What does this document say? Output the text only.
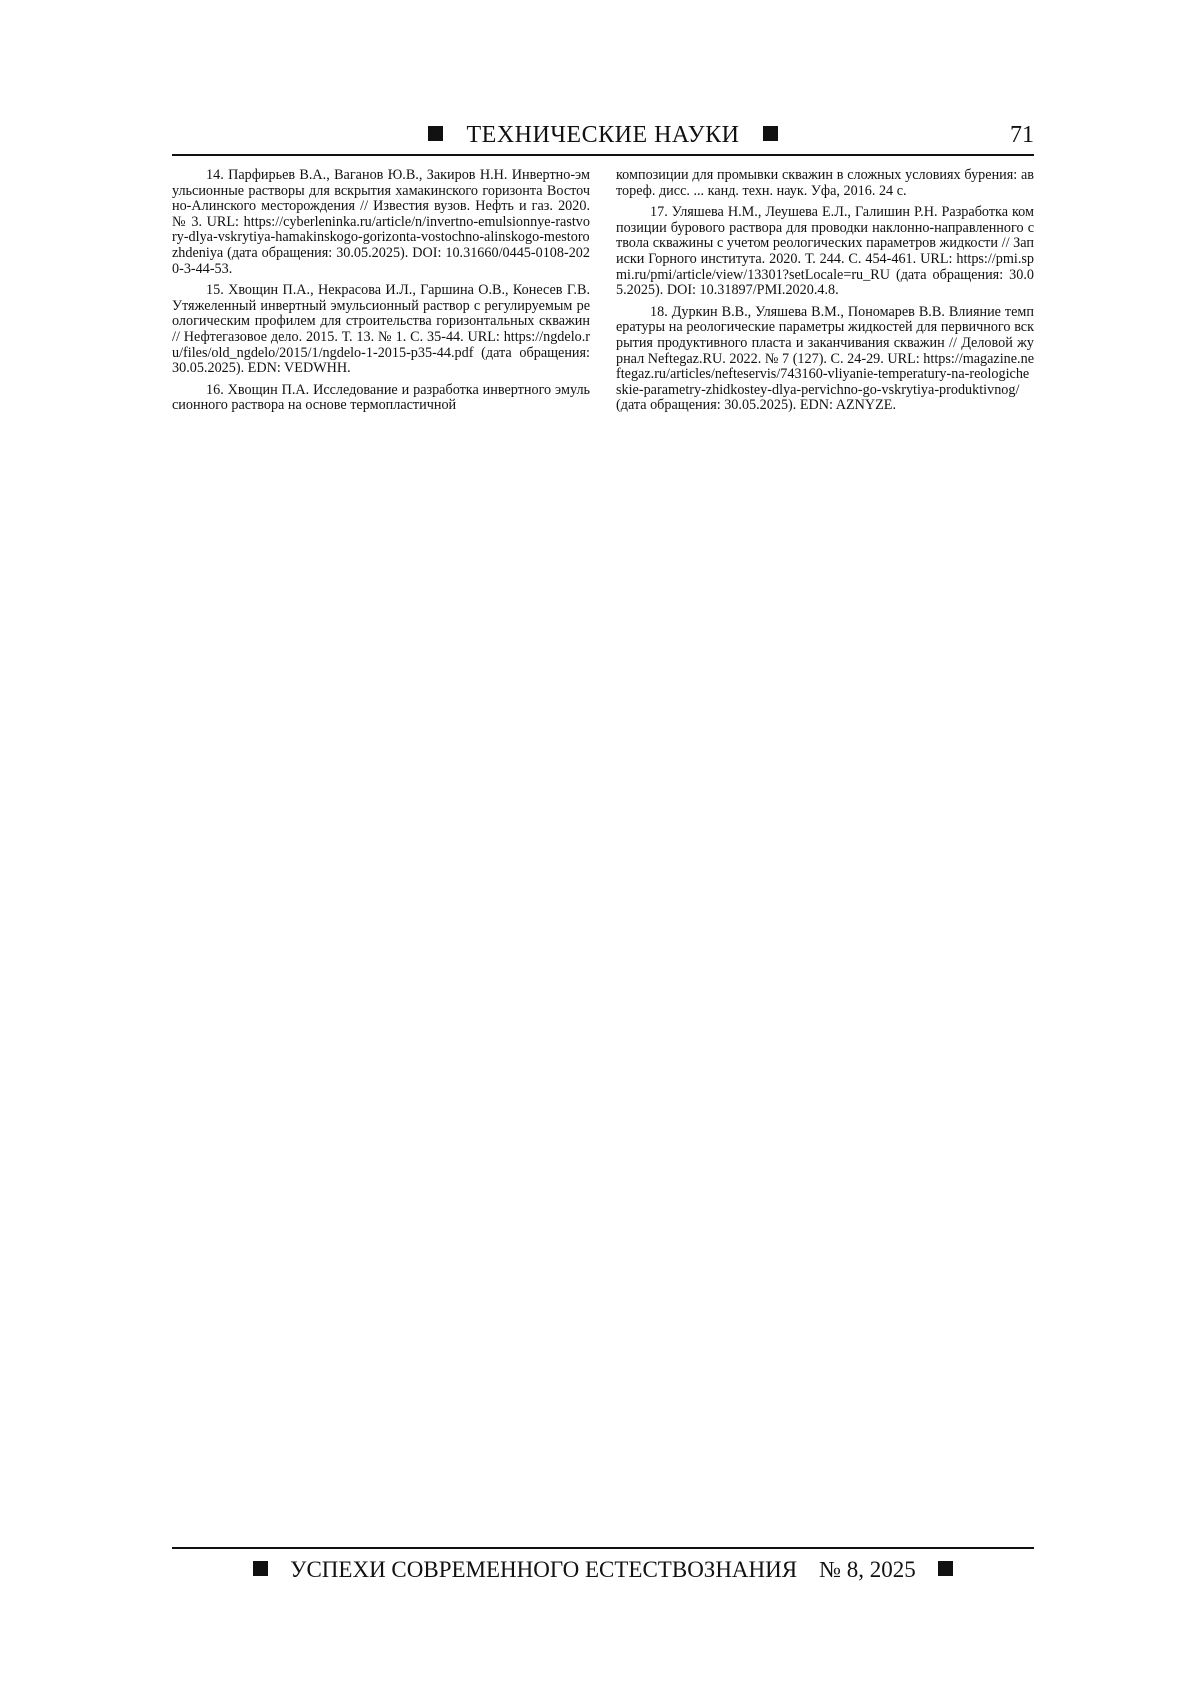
ТЕХНИЧЕСКИЕ НАУКИ	71

14. Парфирьев В.А., Ваганов Ю.В., Закиров Н.Н. Инвертно-эмульсионные растворы для вскрытия хамакинского горизонта Восточно-Алинского месторождения // Известия вузов. Нефть и газ. 2020. № 3. URL: https://cyberleninka.ru/article/n/invertno-emulsionnye-rastvory-dlya-vskrytiya-hamakinskogo-gorizonta-vostochno-alinskogo-mestorozhdeniya (дата обращения: 30.05.2025). DOI: 10.31660/0445-0108-2020-3-44-53.

15. Хвощин П.А., Некрасова И.Л., Гаршина О.В., Конесев Г.В. Утяжеленный инвертный эмульсионный раствор с регулируемым реологическим профилем для строительства горизонтальных скважин // Нефтегазовое дело. 2015. Т. 13. № 1. С. 35-44. URL: https://ngdelo.ru/files/old_ngdelo/2015/1/ngdelo-1-2015-p35-44.pdf (дата обращения: 30.05.2025). EDN: VEDWHH.

16. Хвощин П.А. Исследование и разработка инвертного эмульсионного раствора на основе термопластичной

композиции для промывки скважин в сложных условиях бурения: автореф. дисс. ... канд. техн. наук. Уфа, 2016. 24 с.

17. Уляшева Н.М., Леушева Е.Л., Галишин Р.Н. Разработка композиции бурового раствора для проводки наклонно-направленного ствола скважины с учетом реологических параметров жидкости // Записки Горного института. 2020. Т. 244. С. 454-461. URL: https://pmi.spmi.ru/pmi/article/view/13301?setLocale=ru_RU (дата обращения: 30.05.2025). DOI: 10.31897/PMI.2020.4.8.

18. Дуркин В.В., Уляшева В.М., Пономарев В.В. Влияние температуры на реологические параметры жидкостей для первичного вскрытия продуктивного пласта и заканчивания скважин // Деловой журнал Neftegaz.RU. 2022. № 7 (127). С. 24-29. URL: https://magazine.neftegaz.ru/articles/nefteservis/743160-vliyanie-temperatury-na-reologicheskie-parametry-zhidkostey-dlya-pervichno-go-vskrytiya-produktivnog/ (дата обращения: 30.05.2025). EDN: AZNYZE.

УСПЕХИ СОВРЕМЕННОГО ЕСТЕСТВОЗНАНИЯ № 8, 2025
